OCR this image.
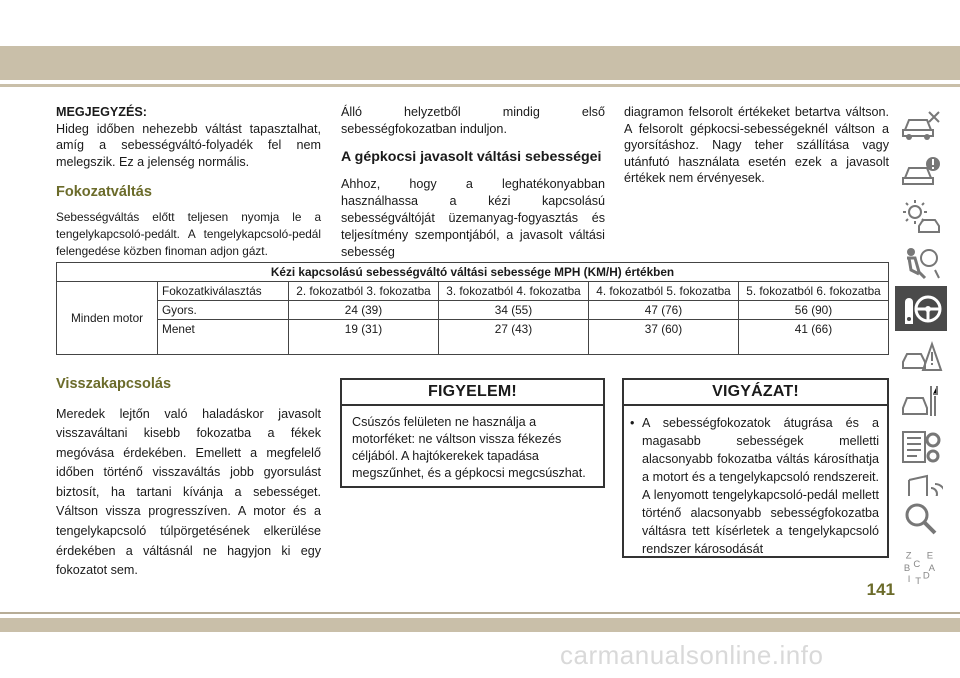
MEGJEGYZÉS:

Hideg időben nehezebb váltást tapasztalhat, amíg a sebességváltó-folyadék fel nem melegszik. Ez a jelenség normális.

Fokozatváltás

Sebességváltás előtt teljesen nyomja le a tengelykapcsoló-pedált. A tengelykapcsoló-pedál felengedése közben finoman adjon gázt.

Álló helyzetből mindig első sebességfokozatban induljon.

A gépkocsi javasolt váltási sebességei

Ahhoz, hogy a leghatékonyabban használhassa a kézi kapcsolású sebességváltóját üzemanyag-fogyasztás és teljesítmény szempontjából, a javasolt váltási sebesség

diagramon felsorolt értékeket betartva váltson. A felsorolt gépkocsi-sebességeknél váltson a gyorsításhoz. Nagy teher szállítása vagy utánfutó használata esetén ezek a javasolt értékek nem érvényesek.

Kézi kapcsolású sebességváltó váltási sebessége MPH (KM/H) értékben					
Minden motor	Fokozatkiválasztás	2. fokozatból 3. fokozatba	3. fokozatból 4. fokozatba	4. fokozatból 5. fokozatba	5. fokozatból 6. fokozatba
	Gyors.	24 (39)	34 (55)	47 (76)	56 (90)
	Menet	19 (31)	27 (43)	37 (60)	41 (66)

Visszakapcsolás

Meredek lejtőn való haladáskor javasolt visszaváltani kisebb fokozatba a fékek megóvása érdekében. Emellett a megfelelő időben történő visszaváltás jobb gyorsulást biztosít, ha tartani kívánja a sebességet. Váltson vissza progresszíven. A motor és a tengelykapcsoló túlpörgetésének elkerülése érdekében a váltásnál ne hagyjon ki egy fokozatot sem.

FIGYELEM!
Csúszós felületen ne használja a motorféket: ne váltson vissza fékezés céljából. A hajtókerekek tapadása megszűnhet, és a gépkocsi megcsúszhat.
VIGYÁZAT!
• A sebességfokozatok átugrása és a magasabb sebességek melletti alacsonyabb fokozatba váltás károsíthatja a motort és a tengelykapcsoló rendszereit. A lenyomott tengelykapcsoló-pedál mellett történő alacsonyabb sebességfokozatba váltásra tett kísérletek a tengelykapcsoló rendszer károsodását	Z E
B A
C
D
I T
141
carmanualsonline.info
